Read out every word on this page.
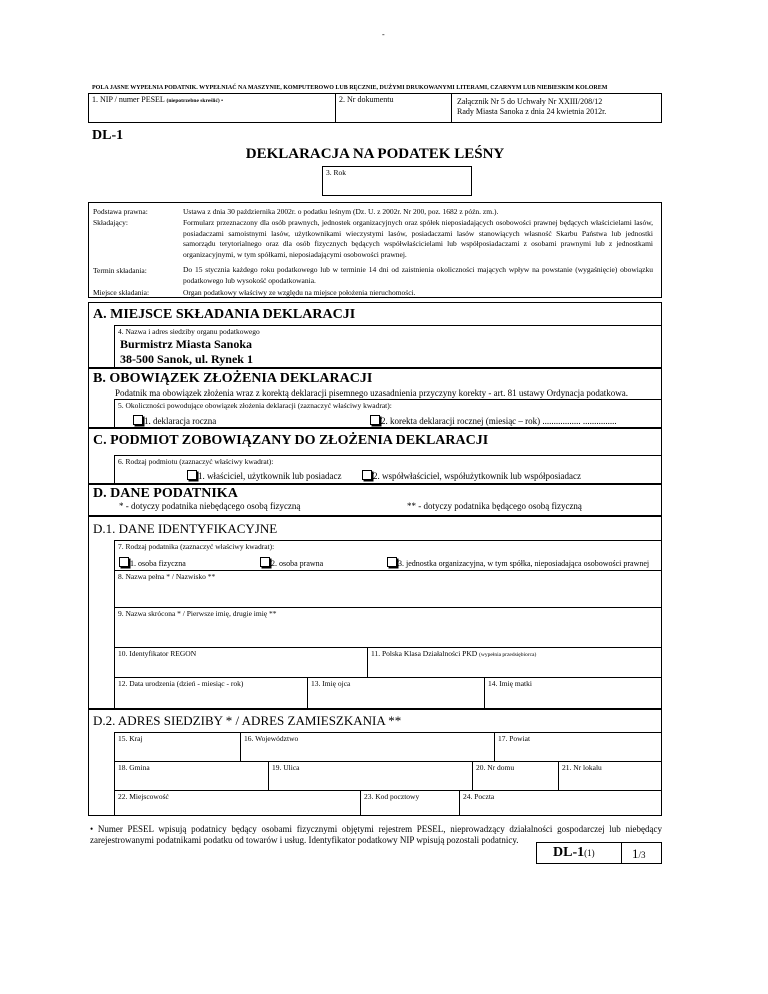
-
POLA JASNE WYPEŁNIA PODATNIK. WYPEŁNIAĆ NA MASZYNIE, KOMPUTEROWO LUB RĘCZNIE, DUŻYMI DRUKOWANYMI LITERAMI, CZARNYM LUB NIEBIESKIM KOLOREM
1. NIP / numer PESEL (niepotrzebne skreślić) •	2. Nr dokumentu	Załącznik Nr 5 do Uchwały Nr XXIII/208/12
Rady Miasta Sanoka z dnia 24 kwietnia 2012r.
DL-1
DEKLARACJA NA PODATEK LEŚNY
3. Rok
Podstawa prawna:	Ustawa z dnia 30 października 2002r. o podatku leśnym (Dz. U. z 2002r. Nr 200, poz. 1682 z późn. zm.).
Składający:	Formularz przeznaczony dla osób prawnych, jednostek organizacyjnych oraz spółek nieposiadających osobowości prawnej będących właścicielami lasów, posiadaczami samoistnymi lasów, użytkownikami wieczystymi lasów, posiadaczami lasów stanowiących własność Skarbu Państwa lub jednostki samorządu terytorialnego oraz dla osób fizycznych będących współwłaścicielami lub współposiadaczami z osobami prawnymi lub z jednostkami organizacyjnymi, w tym spółkami, nieposiadającymi osobowości prawnej.
Termin składania:	Do 15 stycznia każdego roku podatkowego lub w terminie 14 dni od zaistnienia okoliczności mających wpływ na powstanie (wygaśnięcie) obowiązku podatkowego lub wysokość opodatkowania.
Miejsce składania:	Organ podatkowy właściwy ze względu na miejsce położenia nieruchomości.
A. MIEJSCE SKŁADANIA DEKLARACJI
4. Nazwa i adres siedziby organu podatkowego
Burmistrz Miasta Sanoka
38-500 Sanok, ul. Rynek 1
B. OBOWIĄZEK ZŁOŻENIA DEKLARACJI
Podatnik ma obowiązek złożenia wraz z korektą deklaracji pisemnego uzasadnienia przyczyny korekty - art. 81 ustawy Ordynacja podatkowa.
5. Okoliczności powodujące obowiązek złożenia deklaracji (zaznaczyć właściwy kwadrat):
1. deklaracja roczna	2. korekta deklaracji rocznej (miesiąc – rok) ................. ...............
C. PODMIOT ZOBOWIĄZANY DO ZŁOŻENIA DEKLARACJI
6. Rodzaj podmiotu (zaznaczyć właściwy kwadrat):
1. właściciel, użytkownik lub posiadacz	2. współwłaściciel, współużytkownik lub współposiadacz
D. DANE PODATNIKA
* - dotyczy podatnika niebędącego osobą fizyczną	** - dotyczy podatnika będącego osobą fizyczną
D.1. DANE IDENTYFIKACYJNE
7. Rodzaj podatnika (zaznaczyć właściwy kwadrat):
1. osoba fizyczna	2. osoba prawna	3. jednostka organizacyjna, w tym spółka, nieposiadająca osobowości prawnej
8. Nazwa pełna * / Nazwisko **
9. Nazwa skrócona * / Pierwsze imię, drugie imię **
10. Identyfikator REGON	11. Polska Klasa Działalności PKD (wypełnia przedsiębiorca)
12. Data urodzenia (dzień - miesiąc - rok)	13. Imię ojca	14. Imię matki
D.2. ADRES SIEDZIBY * / ADRES ZAMIESZKANIA **
15. Kraj	16. Województwo	17. Powiat
18. Gmina	19. Ulica	20. Nr domu	21. Nr lokalu
22. Miejscowość	23. Kod pocztowy	24. Poczta
• Numer PESEL wpisują podatnicy będący osobami fizycznymi objętymi rejestrem PESEL, nieprowadzący działalności gospodarczej lub niebędący zarejestrowanymi podatnikami podatku od towarów i usług. Identyfikator podatkowy NIP wpisują pozostali podatnicy.
DL-1(1)	1/3
